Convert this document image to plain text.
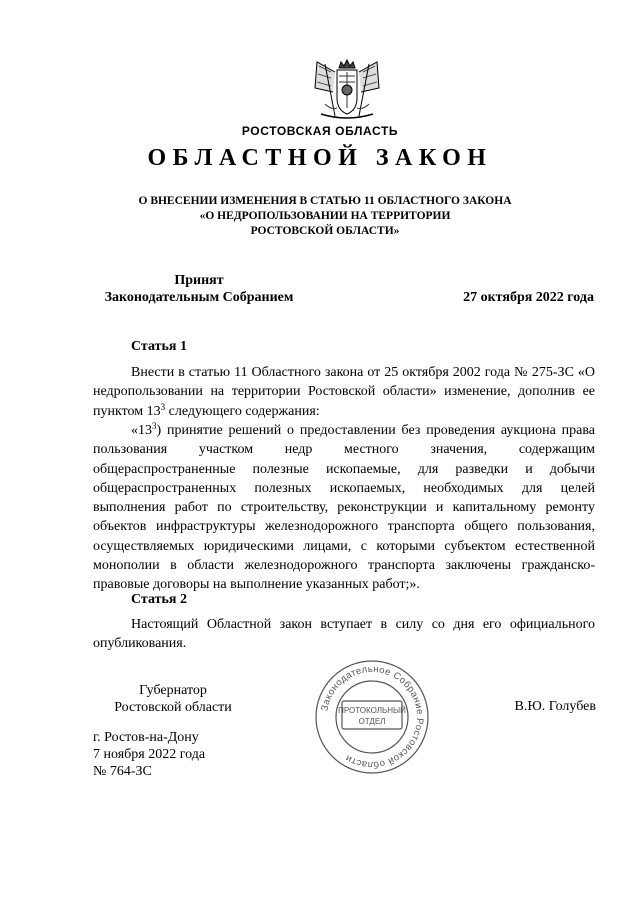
РОСТОВСКАЯ ОБЛАСТЬ
ОБЛАСТНОЙ ЗАКОН
О ВНЕСЕНИИ ИЗМЕНЕНИЯ В СТАТЬЮ 11 ОБЛАСТНОГО ЗАКОНА
«О НЕДРОПОЛЬЗОВАНИИ НА ТЕРРИТОРИИ
РОСТОВСКОЙ ОБЛАСТИ»
Принят
Законодательным Собранием	27 октября 2022 года
Статья 1

Внести в статью 11 Областного закона от 25 октября 2002 года № 275-ЗС «О недропользовании на территории Ростовской области» изменение, дополнив ее пунктом $13^3$ следующего содержания:

«$13^3$) принятие решений о предоставлении без проведения аукциона права пользования участком недр местного значения, содержащим общераспространенные полезные ископаемые, для разведки и добычи общераспространенных полезных ископаемых, необходимых для целей выполнения работ по строительству, реконструкции и капитальному ремонту объектов инфраструктуры железнодорожного транспорта общего пользования, осуществляемых юридическими лицами, с которыми субъектом естественной монополии в области железнодорожного транспорта заключены гражданско-правовые договоры на выполнение указанных работ;».

Статья 2

Настоящий Областной закон вступает в силу со дня его официального опубликования.

Губернатор
Ростовской области	В.Ю. Голубев
г. Ростов-на-Дону
7 ноября 2022 года
№ 764-ЗС
Законодательное Собрание Ростовской области
ПРОТОКОЛЬНЫЙ
ОТДЕЛ
